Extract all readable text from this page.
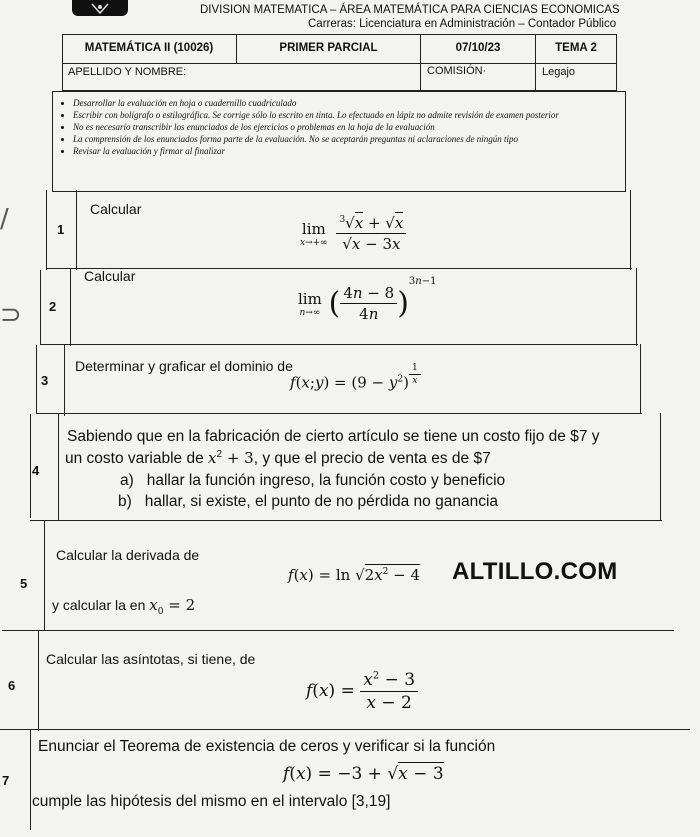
DIVISION MATEMATICA – ÁREA MATEMÁTICA PARA CIENCIAS ECONOMICAS
Carreras: Licenciatura en Administración – Contador Público
MATEMÁTICA II (10026)	PRIMER PARCIAL	07/10/23	TEMA 2
APELLIDO Y NOMBRE:	COMISIÓN·	Legajo
• Desarrollar la evaluación en hoja o cuadernillo cuadriculado
• Escribir con bolígrafo o estilográfica. Se corrige sólo lo escrito en tinta. Lo efectuado en lápiz no admite revisión de examen posterior
• No es necesario transcribir los enunciados de los ejercicios o problemas en la hoja de la evaluación
• La comprensión de los enunciados forma parte de la evaluación. No se aceptarán preguntas ni aclaraciones de ningún tipo
• Revisar la evaluación y firmar al finalizar
∕
⊃
1
Calcular
lim
x→+∞
$\frac{^3√x + √x}{√x - 3x}$
2
Calcular
lim
n→∞ ( $\frac{4n - 8}{4n} )^{3n-1}$
3
Determinar y graficar el dominio de
f(x;y) = $(9 - y^2) \frac{1}{x}$
4
Sabiendo que en la fabricación de cierto artículo se tiene un costo fijo de $7 y
un costo variable de $x^2 + 3$, y que el precio de venta es de $7
a) hallar la función ingreso, la función costo y beneficio
b) hallar, si existe, el punto de no pérdida no ganancia
5
Calcular la derivada de
$f(x) = \ln √2x^2 - 4$
y calcular la en $x_0 = 2$
ALTILLO.COM
6
Calcular las asíntotas, si tiene, de
$f(x) = \frac{x^2 - 3}{x - 2}$
7
Enunciar el Teorema de existencia de ceros y verificar si la función
f(x) = −3 + √x − 3
cumple las hipótesis del mismo en el intervalo [3,19]
